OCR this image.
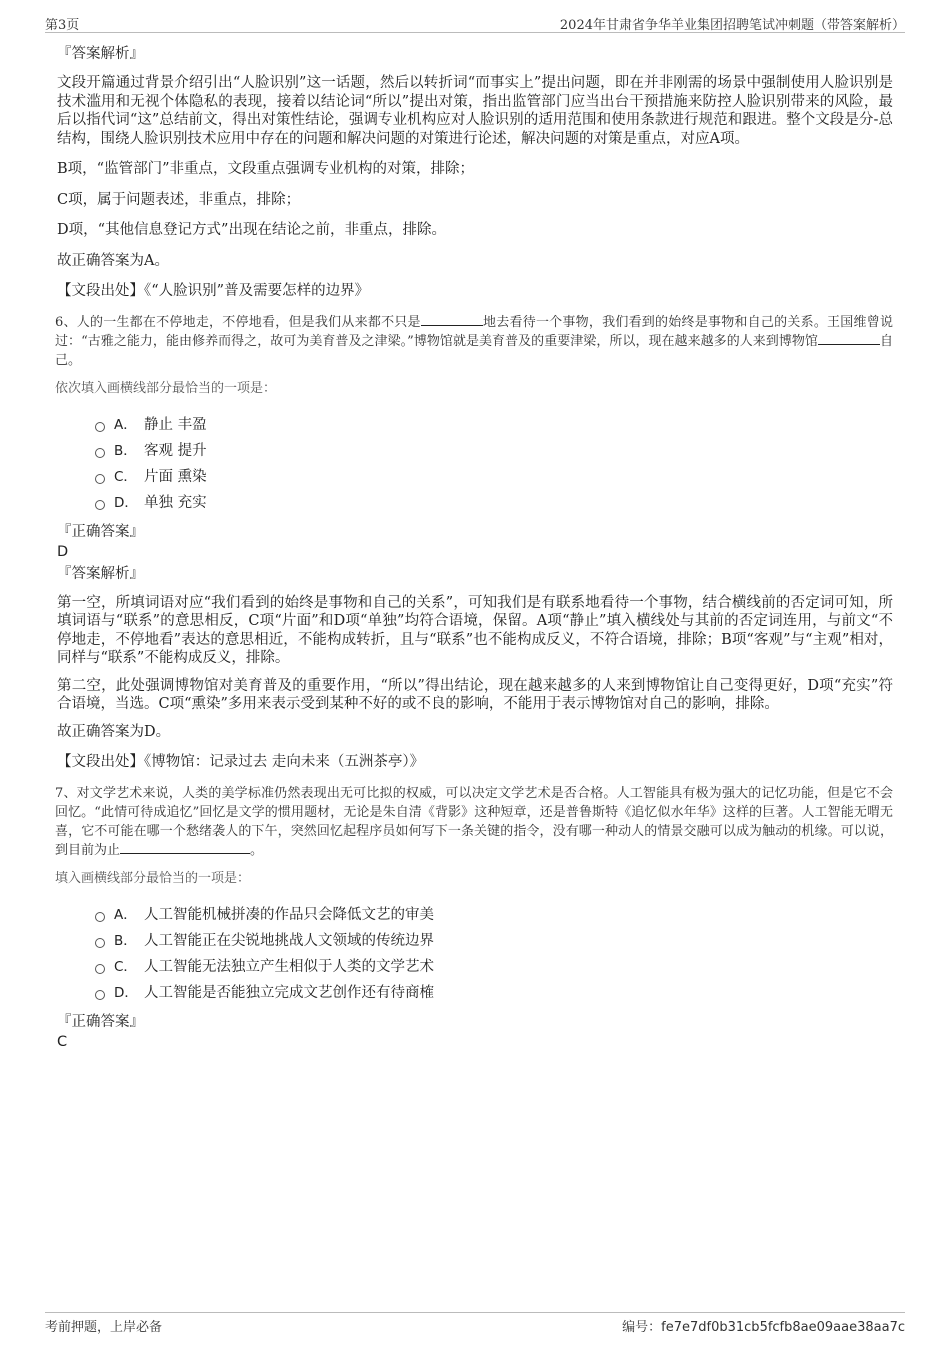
第3页	2024年甘肃省争华羊业集团招聘笔试冲刺题（带答案解析）

『答案解析』

文段开篇通过背景介绍引出“人脸识别”这一话题，然后以转折词“而事实上”提出问题，即在并非刚需的场景中强制使用人脸识别是技术滥用和无视个体隐私的表现，接着以结论词“所以”提出对策，指出监管部门应当出台干预措施来防控人脸识别带来的风险，最后以指代词“这”总结前文，得出对策性结论，强调专业机构应对人脸识别的适用范围和使用条款进行规范和跟进。整个文段是分-总结构，围绕人脸识别技术应用中存在的问题和解决问题的对策进行论述，解决问题的对策是重点，对应A项。

B项，“监管部门”非重点，文段重点强调专业机构的对策，排除；

C项，属于问题表述，非重点，排除；

D项，“其他信息登记方式”出现在结论之前，非重点，排除。

故正确答案为A。

【文段出处】《“人脸识别”普及需要怎样的边界》

6、人的一生都在不停地走，不停地看，但是我们从来都不只是	地去看待一个事物，我们看到的始终是事物和自己的关系。王国维曾说过：“古雅之能力，能由修养而得之，故可为美育普及之津梁。”博物馆就是美育普及的重要津梁，所以，现在越来越多的人来到博物馆	自己。
依次填入画横线部分最恰当的一项是：
A． 静止 丰盈
B． 客观 提升
C． 片面 熏染
D． 单独 充实

『正确答案』

D

『答案解析』

第一空，所填词语对应“我们看到的始终是事物和自己的关系”，可知我们是有联系地看待一个事物，结合横线前的否定词可知，所填词语与“联系”的意思相反，C项“片面”和D项“单独”均符合语境，保留。A项“静止”填入横线处与其前的否定词连用，与前文“不停地走，不停地看”表达的意思相近，不能构成转折，且与“联系”也不能构成反义，不符合语境，排除；B项“客观”与“主观”相对，同样与“联系”不能构成反义，排除。

第二空，此处强调博物馆对美育普及的重要作用，“所以”得出结论，现在越来越多的人来到博物馆让自己变得更好，D项“充实”符合语境，当选。C项“熏染”多用来表示受到某种不好的或不良的影响，不能用于表示博物馆对自己的影响，排除。

故正确答案为D。

【文段出处】《博物馆：记录过去 走向未来（五洲茶亭）》

7、对文学艺术来说，人类的美学标准仍然表现出无可比拟的权威，可以决定文学艺术是否合格。人工智能具有极为强大的记忆功能，但是它不会回忆。“此情可待成追忆”回忆是文学的惯用题材，无论是朱自清《背影》这种短章，还是普鲁斯特《追忆似水年华》这样的巨著。人工智能无喟无喜，它不可能在哪一个愁绪袭人的下午，突然回忆起程序员如何写下一条关键的指令，没有哪一种动人的情景交融可以成为触动的机缘。可以说，到目前为止	。
填入画横线部分最恰当的一项是：
A． 人工智能机械拼凑的作品只会降低文艺的审美
B． 人工智能正在尖锐地挑战人文领域的传统边界
C． 人工智能无法独立产生相似于人类的文学艺术
D． 人工智能是否能独立完成文艺创作还有待商榷

『正确答案』

C

考前押题，上岸必备	编号：fe7e7df0b31cb5fcfb8ae09aae38aa7c
